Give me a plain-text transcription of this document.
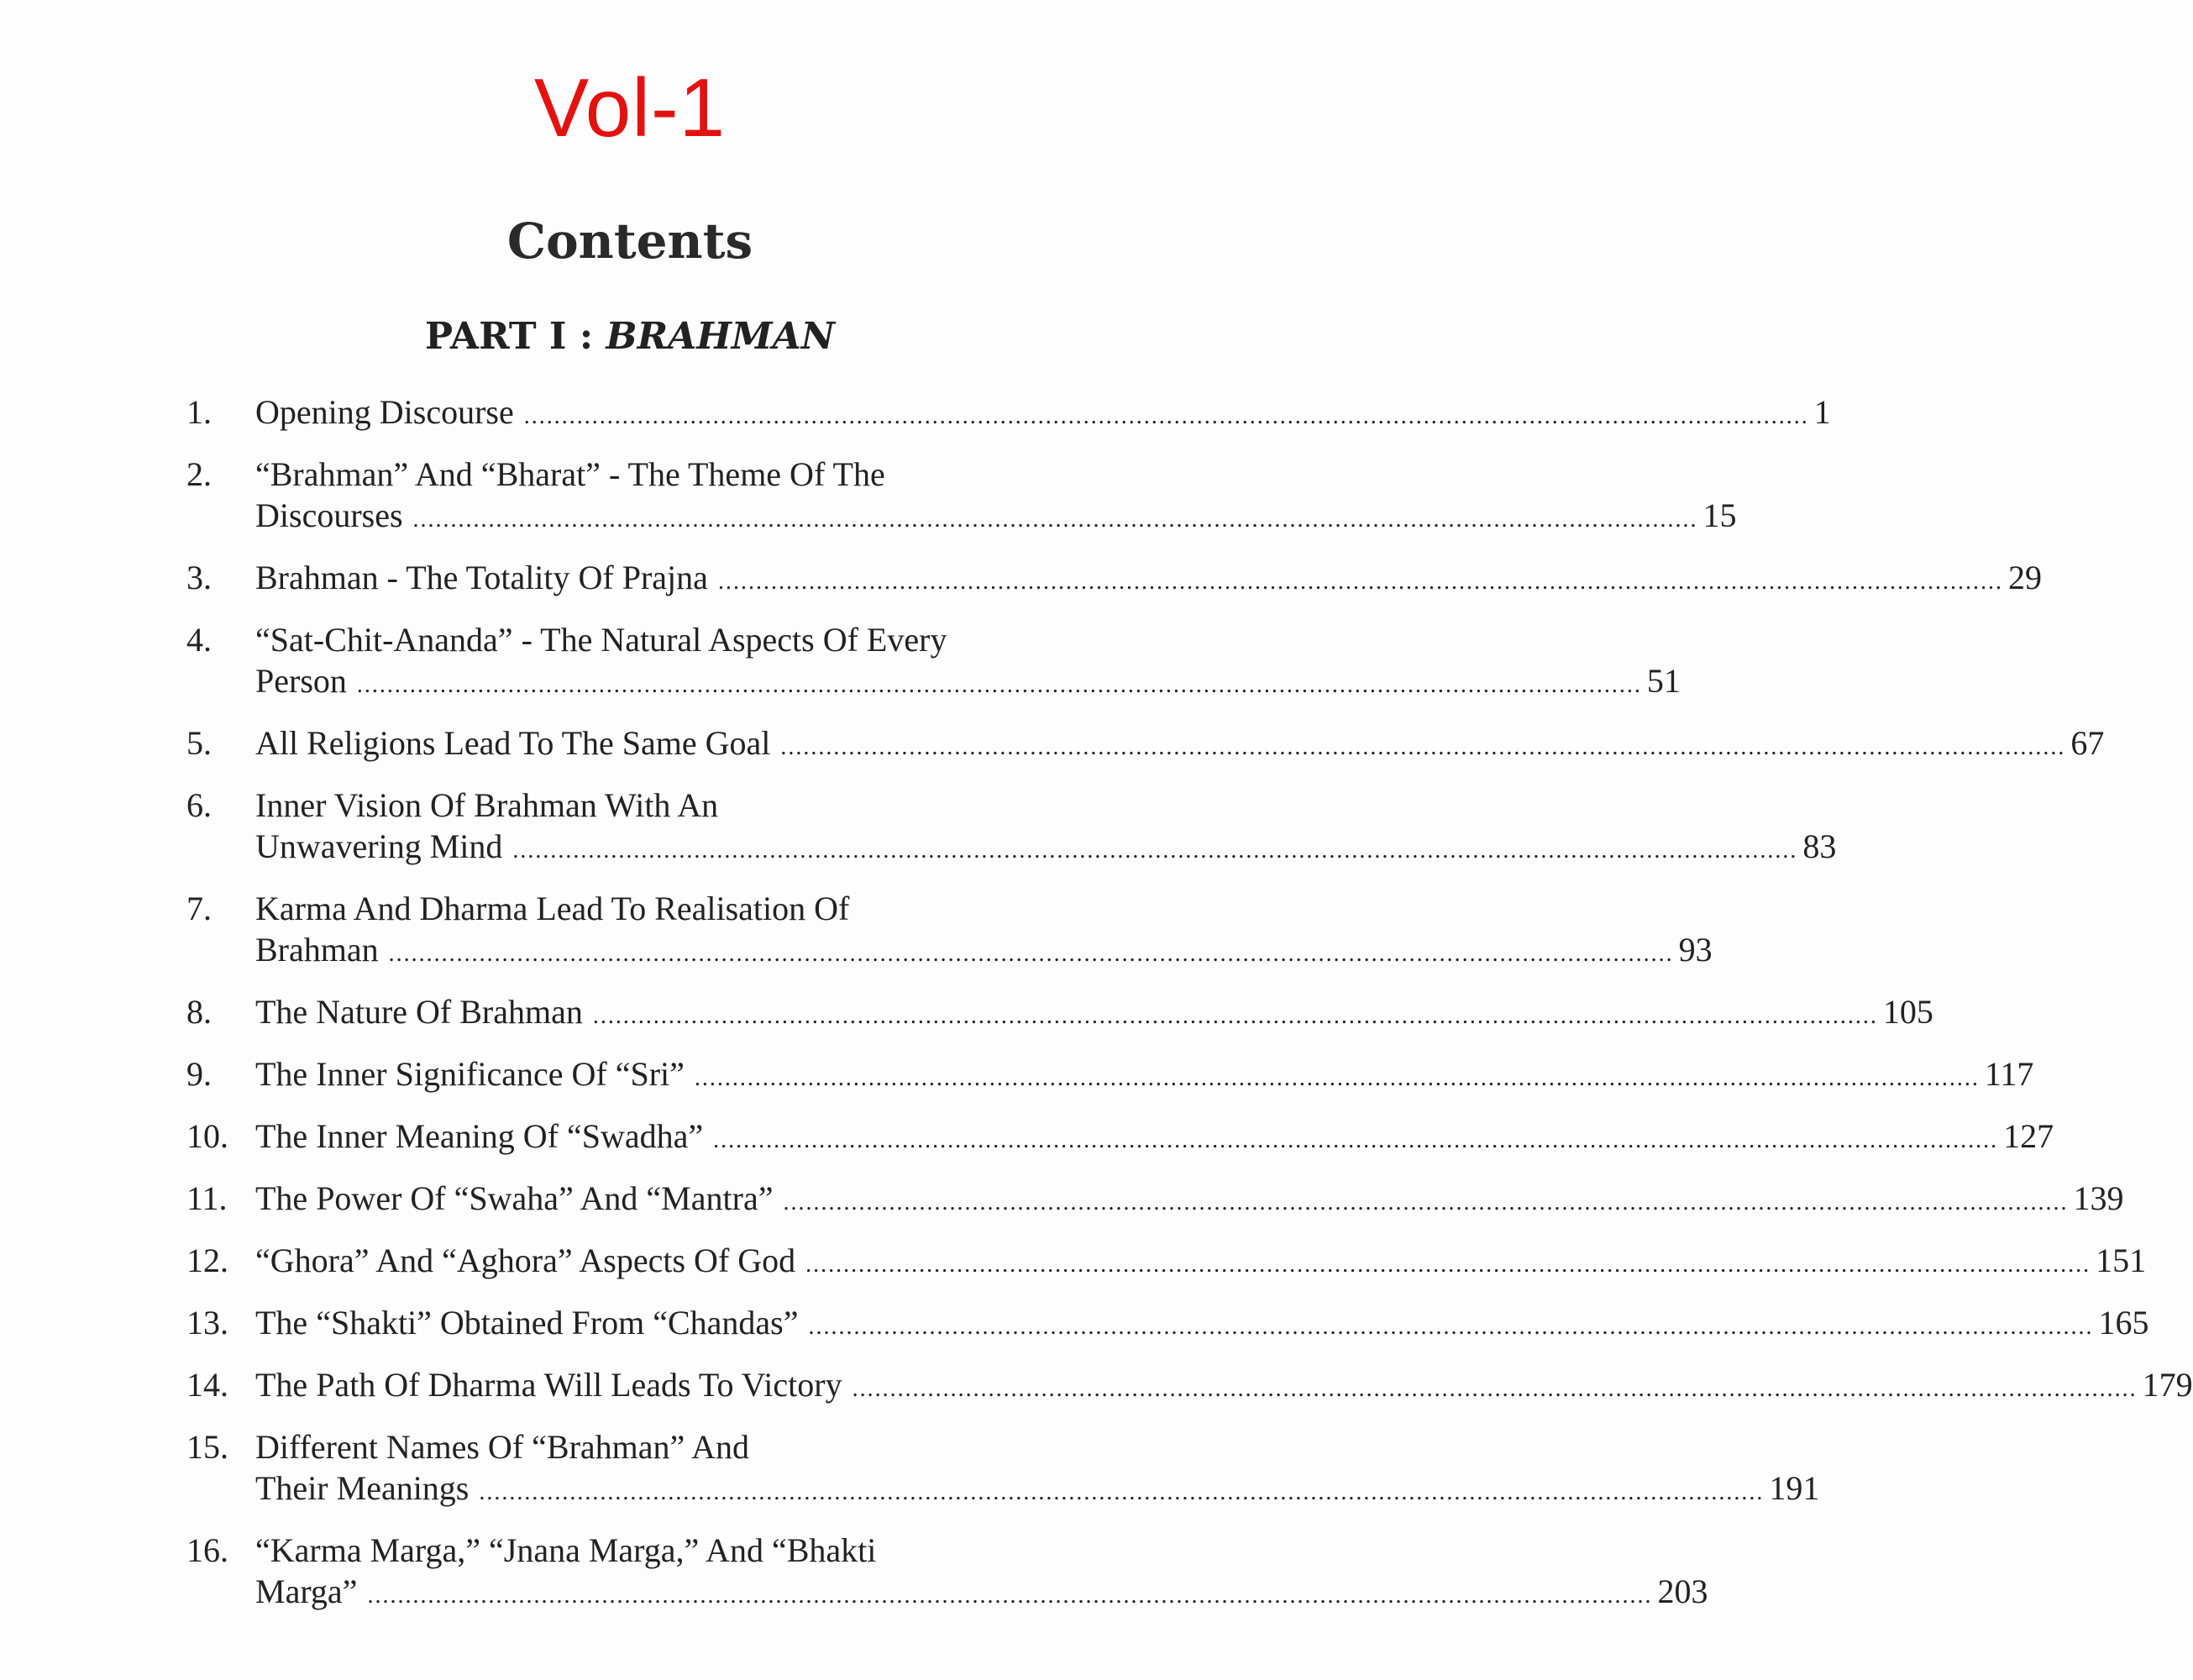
Vol-1
Contents
PART I : BRAHMAN
1. Opening Discourse .......................................................................................................................................................................... 1
2. “Brahman” And “Bharat” - The Theme Of The
Discourses .......................................................................................................................................................................... 15
3. Brahman - The Totality Of Prajna .......................................................................................................................................................................... 29
4. “Sat-Chit-Ananda” - The Natural Aspects Of Every
Person .......................................................................................................................................................................... 51
5. All Religions Lead To The Same Goal .......................................................................................................................................................................... 67
6. Inner Vision Of Brahman With An
Unwavering Mind .......................................................................................................................................................................... 83
7. Karma And Dharma Lead To Realisation Of
Brahman .......................................................................................................................................................................... 93
8. The Nature Of Brahman .......................................................................................................................................................................... 105
9. The Inner Significance Of “Sri” .......................................................................................................................................................................... 117
10. The Inner Meaning Of “Swadha” .......................................................................................................................................................................... 127
11. The Power Of “Swaha” And “Mantra” .......................................................................................................................................................................... 139
12. “Ghora” And “Aghora” Aspects Of God .......................................................................................................................................................................... 151
13. The “Shakti” Obtained From “Chandas” .......................................................................................................................................................................... 165
14. The Path Of Dharma Will Leads To Victory .......................................................................................................................................................................... 179
15. Different Names Of “Brahman” And
Their Meanings .......................................................................................................................................................................... 191
16. “Karma Marga,” “Jnana Marga,” And “Bhakti
Marga” .......................................................................................................................................................................... 203
